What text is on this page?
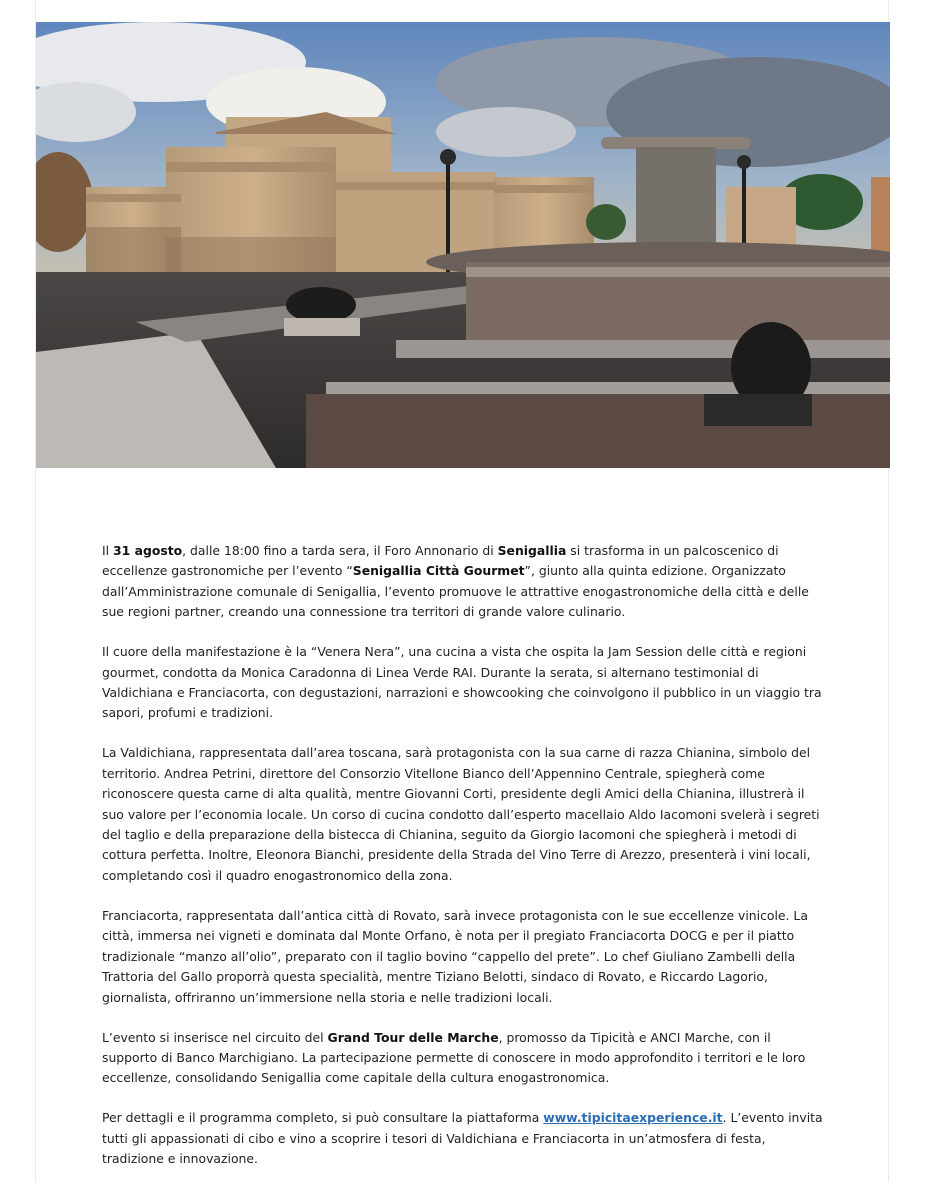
Il 31 agosto, dalle 18:00 fino a tarda sera, il Foro Annonario di Senigallia si trasforma in un palcoscenico di eccellenze gastronomiche per l’evento “Senigallia Città Gourmet”, giunto alla quinta edizione. Organizzato dall’Amministrazione comunale di Senigallia, l’evento promuove le attrattive enogastronomiche della città e delle sue regioni partner, creando una connessione tra territori di grande valore culinario.

Il cuore della manifestazione è la “Venera Nera”, una cucina a vista che ospita la Jam Session delle città e regioni gourmet, condotta da Monica Caradonna di Linea Verde RAI. Durante la serata, si alternano testimonial di Valdichiana e Franciacorta, con degustazioni, narrazioni e showcooking che coinvolgono il pubblico in un viaggio tra sapori, profumi e tradizioni.

La Valdichiana, rappresentata dall’area toscana, sarà protagonista con la sua carne di razza Chianina, simbolo del territorio. Andrea Petrini, direttore del Consorzio Vitellone Bianco dell’Appennino Centrale, spiegherà come riconoscere questa carne di alta qualità, mentre Giovanni Corti, presidente degli Amici della Chianina, illustrerà il suo valore per l’economia locale. Un corso di cucina condotto dall’esperto macellaio Aldo Iacomoni svelerà i segreti del taglio e della preparazione della bistecca di Chianina, seguito da Giorgio Iacomoni che spiegherà i metodi di cottura perfetta. Inoltre, Eleonora Bianchi, presidente della Strada del Vino Terre di Arezzo, presenterà i vini locali, completando così il quadro enogastronomico della zona.

Franciacorta, rappresentata dall’antica città di Rovato, sarà invece protagonista con le sue eccellenze vinicole. La città, immersa nei vigneti e dominata dal Monte Orfano, è nota per il pregiato Franciacorta DOCG e per il piatto tradizionale “manzo all’olio”, preparato con il taglio bovino “cappello del prete”. Lo chef Giuliano Zambelli della Trattoria del Gallo proporrà questa specialità, mentre Tiziano Belotti, sindaco di Rovato, e Riccardo Lagorio, giornalista, offriranno un’immersione nella storia e nelle tradizioni locali.

L’evento si inserisce nel circuito del Grand Tour delle Marche, promosso da Tipicità e ANCI Marche, con il supporto di Banco Marchigiano. La partecipazione permette di conoscere in modo approfondito i territori e le loro eccellenze, consolidando Senigallia come capitale della cultura enogastronomica.

Per dettagli e il programma completo, si può consultare la piattaforma www.tipicitaexperience.it. L’evento invita tutti gli appassionati di cibo e vino a scoprire i tesori di Valdichiana e Franciacorta in un’atmosfera di festa, tradizione e innovazione.
